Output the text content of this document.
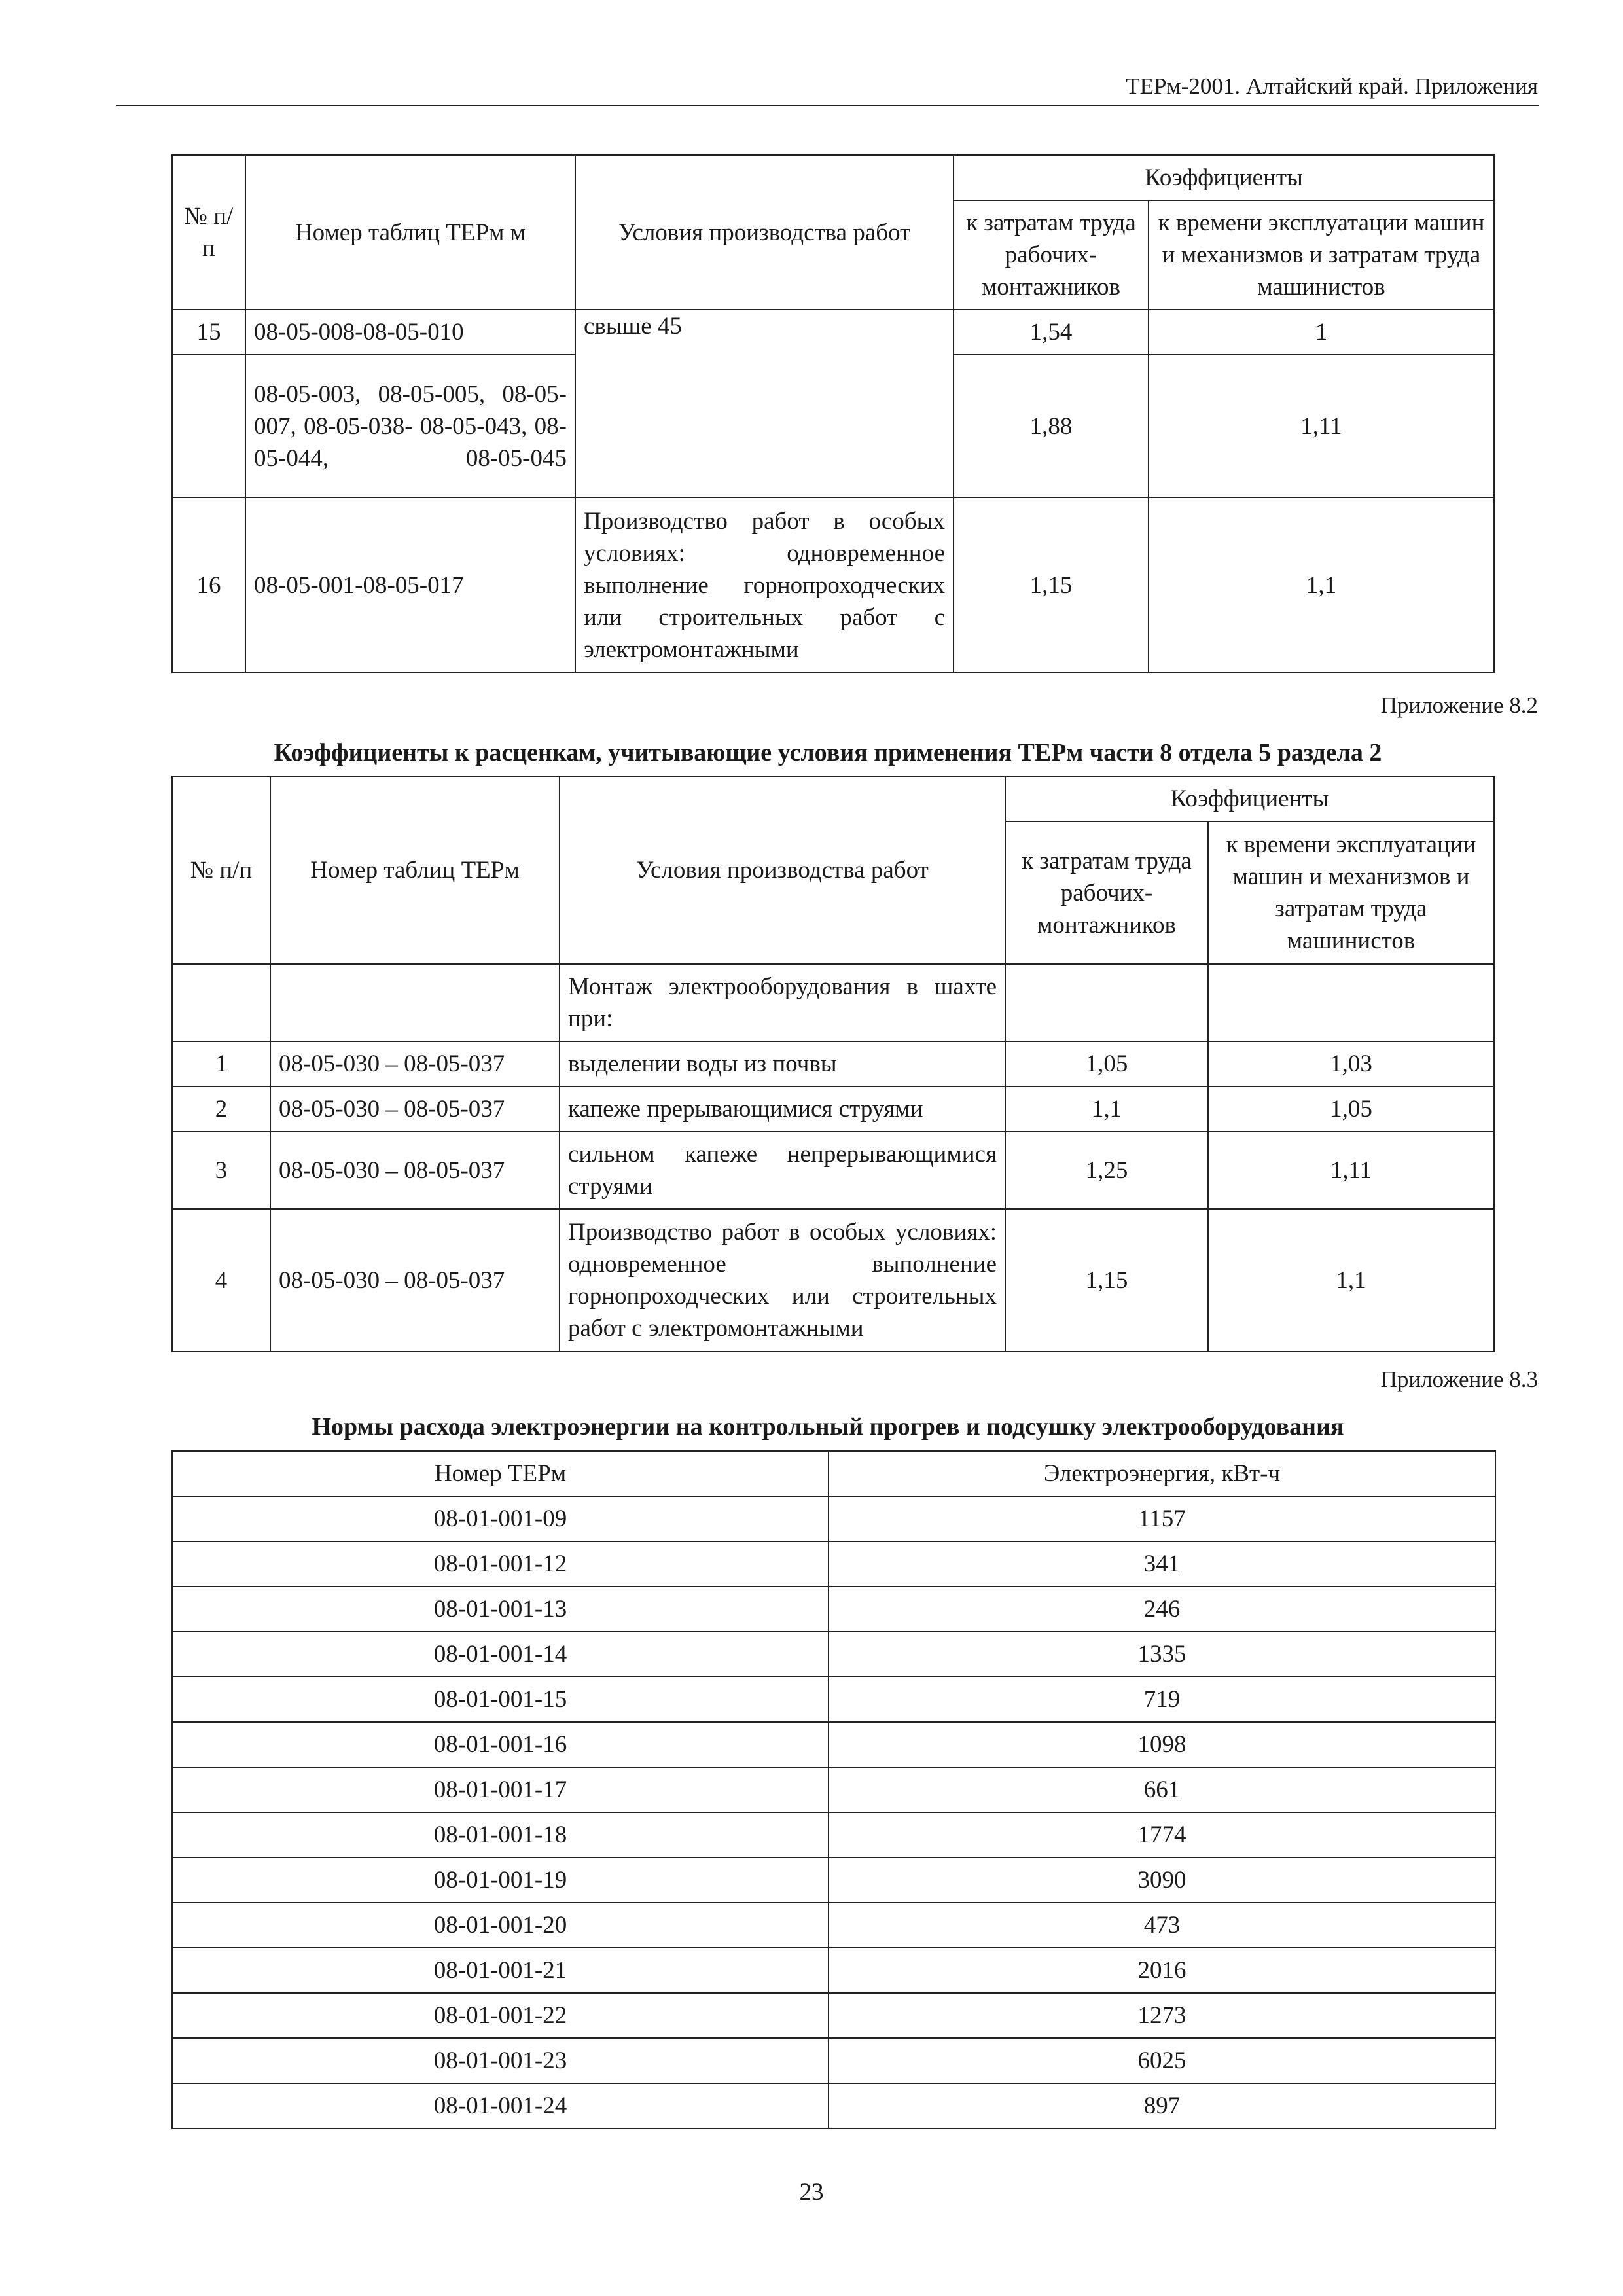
ТЕРм-2001. Алтайский край. Приложения
№ п/п	Номер таблиц ТЕРм м	Условия производства работ	Коэффициенты	
			к затратам труда рабочих-монтажников	к времени эксплуатации машин и механизмов и затратам труда машинистов
15	08-05-008-08-05-010	свыше 45	1,54	1
	08-05-003, 08-05-005, 08-05-007, 08-05-038- 08-05-043, 08-05-044, 08-05-045		1,88	1,11
16	08-05-001-08-05-017	Производство работ в особых условиях: одновременное выполнение горнопроходческих или строительных работ с электромонтажными	1,15	1,1
Приложение 8.2
Коэффициенты к расценкам, учитывающие условия применения ТЕРм части 8 отдела 5 раздела 2
№ п/п	Номер таблиц ТЕРм	Условия производства работ	Коэффициенты	
			к затратам труда рабочих-монтажников	к времени эксплуатации машин и механизмов и затратам труда машинистов
		Монтаж электрооборудования в шахте при:		
1	08-05-030 – 08-05-037	выделении воды из почвы	1,05	1,03
2	08-05-030 – 08-05-037	капеже прерывающимися струями	1,1	1,05
3	08-05-030 – 08-05-037	сильном капеже непрерывающимися струями	1,25	1,11
4	08-05-030 – 08-05-037	Производство работ в особых условиях: одновременное выполнение горнопроходческих или строительных работ с электромонтажными	1,15	1,1
Приложение 8.3
Нормы расхода электроэнергии на контрольный прогрев и подсушку электрооборудования
Номер ТЕРм	Электроэнергия, кВт-ч
08-01-001-09	1157
08-01-001-12	341
08-01-001-13	246
08-01-001-14	1335
08-01-001-15	719
08-01-001-16	1098
08-01-001-17	661
08-01-001-18	1774
08-01-001-19	3090
08-01-001-20	473
08-01-001-21	2016
08-01-001-22	1273
08-01-001-23	6025
08-01-001-24	897
23
